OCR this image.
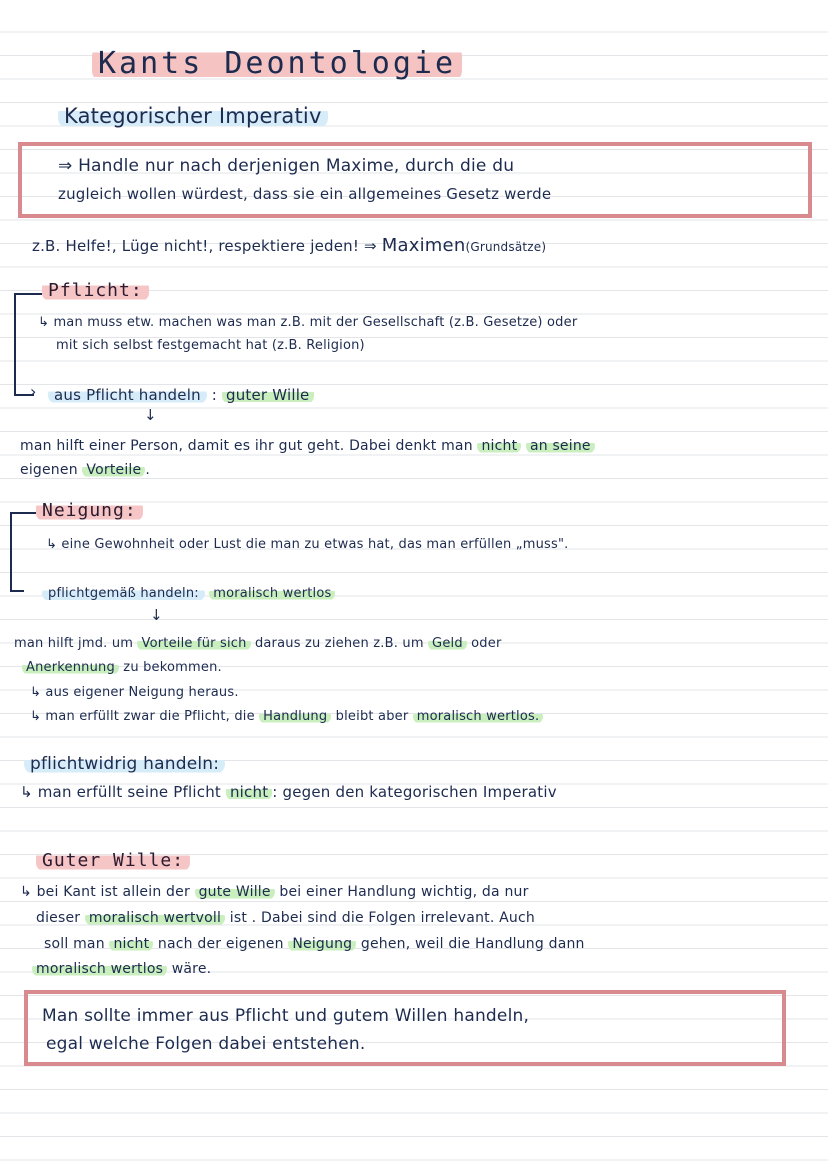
Kants Deontologie
Kategorischer Imperativ
⇒ Handle nur nach derjenigen Maxime, durch die du
zugleich wollen würdest, dass sie ein allgemeines Gesetz werde
z.B. Helfe!, Lüge nicht!, respektiere jeden! ⇒ Maximen(Grundsätze)
›
Pflicht:
↳ man muss etw. machen was man z.B. mit der Gesellschaft (z.B. Gesetze) oder
mit sich selbst festgemacht hat (z.B. Religion)
aus Pflicht handeln : guter Wille
↓
man hilft einer Person, damit es ihr gut geht. Dabei denkt man nicht an seine
eigenen Vorteile .
Neigung:
↳ eine Gewohnheit oder Lust die man zu etwas hat, das man erfüllen „muss".
pflichtgemäß handeln: moralisch wertlos
↓
man hilft jmd. um Vorteile für sich daraus zu ziehen z.B. um Geld oder
Anerkennung zu bekommen.
↳ aus eigener Neigung heraus.
↳ man erfüllt zwar die Pflicht, die Handlung bleibt aber moralisch wertlos.
pflichtwidrig handeln:
↳ man erfüllt seine Pflicht nicht : gegen den kategorischen Imperativ
Guter Wille:
↳ bei Kant ist allein der gute Wille bei einer Handlung wichtig, da nur
dieser moralisch wertvoll ist . Dabei sind die Folgen irrelevant. Auch
soll man nicht nach der eigenen Neigung gehen, weil die Handlung dann
moralisch wertlos wäre.
Man sollte immer aus Pflicht und gutem Willen handeln,
egal welche Folgen dabei entstehen.
